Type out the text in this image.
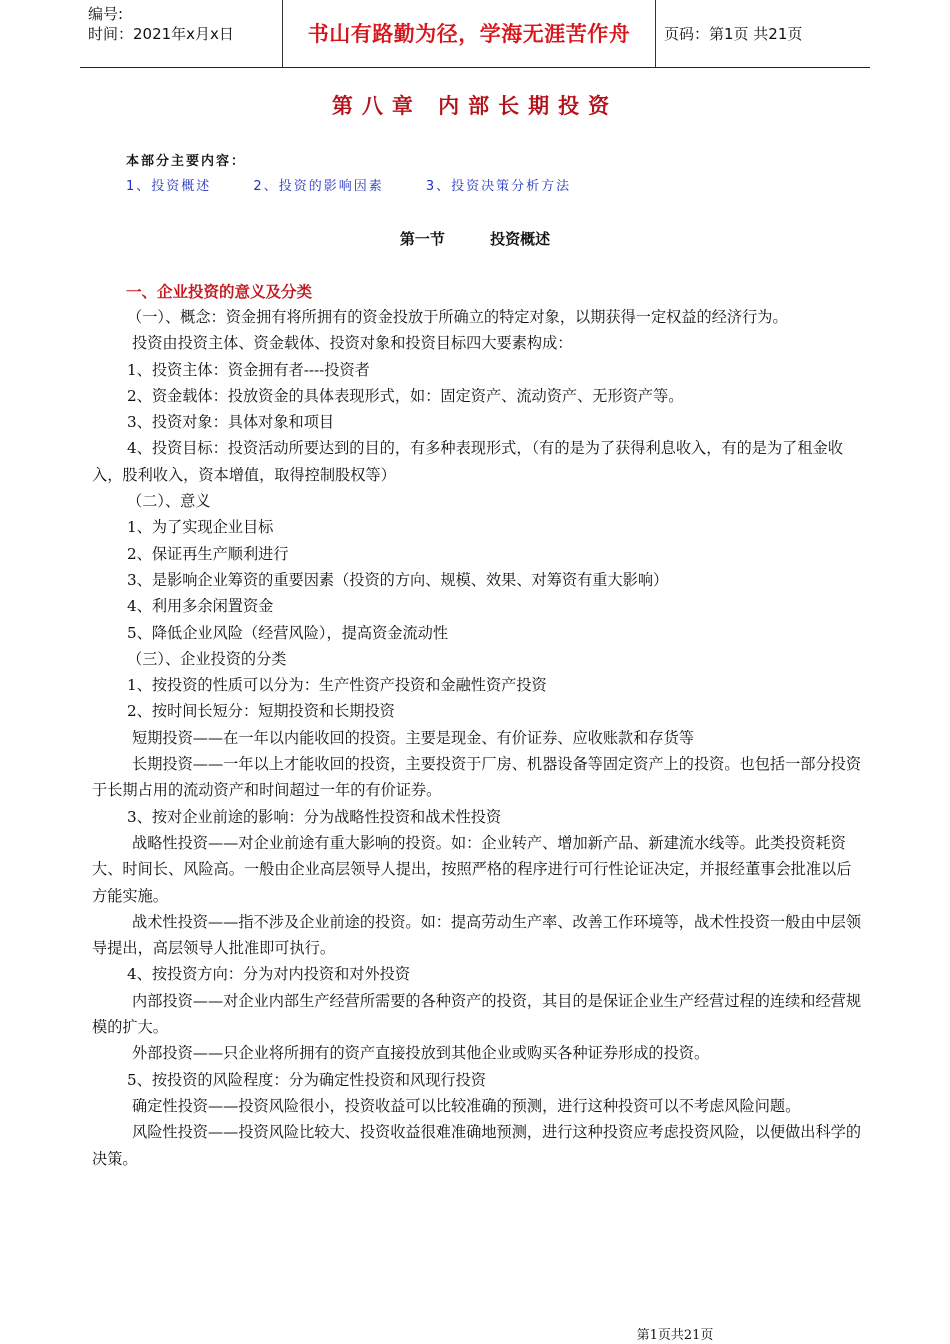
编号:
时间：2021年x月x日	书山有路勤为径，学海无涯苦作舟	页码：第1页 共21页
第八章 内部长期投资
本部分主要内容：
1、投资概述	2、投资的影响因素	3、投资决策分析方法
第一节	投资概述
一、企业投资的意义及分类

（一）、概念：资金拥有将所拥有的资金投放于所确立的特定对象，以期获得一定权益的经济行为。

投资由投资主体、资金载体、投资对象和投资目标四大要素构成：

1、投资主体：资金拥有者----投资者

2、资金载体：投放资金的具体表现形式，如：固定资产、流动资产、无形资产等。

3、投资对象：具体对象和项目

4、投资目标：投资活动所要达到的目的，有多种表现形式，（有的是为了获得利息收入，有的是为了租金收入，股利收入，资本增值，取得控制股权等）

（二）、意义

1、为了实现企业目标

2、保证再生产顺利进行

3、是影响企业筹资的重要因素（投资的方向、规模、效果、对筹资有重大影响）

4、利用多余闲置资金

5、降低企业风险（经营风险），提高资金流动性

（三）、企业投资的分类

1、按投资的性质可以分为：生产性资产投资和金融性资产投资

2、按时间长短分：短期投资和长期投资

短期投资——在一年以内能收回的投资。主要是现金、有价证券、应收账款和存货等

长期投资——一年以上才能收回的投资，主要投资于厂房、机器设备等固定资产上的投资。也包括一部分投资于长期占用的流动资产和时间超过一年的有价证券。

3、按对企业前途的影响：分为战略性投资和战术性投资

战略性投资——对企业前途有重大影响的投资。如：企业转产、增加新产品、新建流水线等。此类投资耗资大、时间长、风险高。一般由企业高层领导人提出，按照严格的程序进行可行性论证决定，并报经董事会批准以后方能实施。

战术性投资——指不涉及企业前途的投资。如：提高劳动生产率、改善工作环境等，战术性投资一般由中层领导提出，高层领导人批准即可执行。

4、按投资方向：分为对内投资和对外投资

内部投资——对企业内部生产经营所需要的各种资产的投资，其目的是保证企业生产经营过程的连续和经营规模的扩大。

外部投资——只企业将所拥有的资产直接投放到其他企业或购买各种证券形成的投资。

5、按投资的风险程度：分为确定性投资和风现行投资

确定性投资——投资风险很小，投资收益可以比较准确的预测，进行这种投资可以不考虑风险问题。

风险性投资——投资风险比较大、投资收益很难准确地预测，进行这种投资应考虑投资风险，以便做出科学的决策。

第1页共21页
